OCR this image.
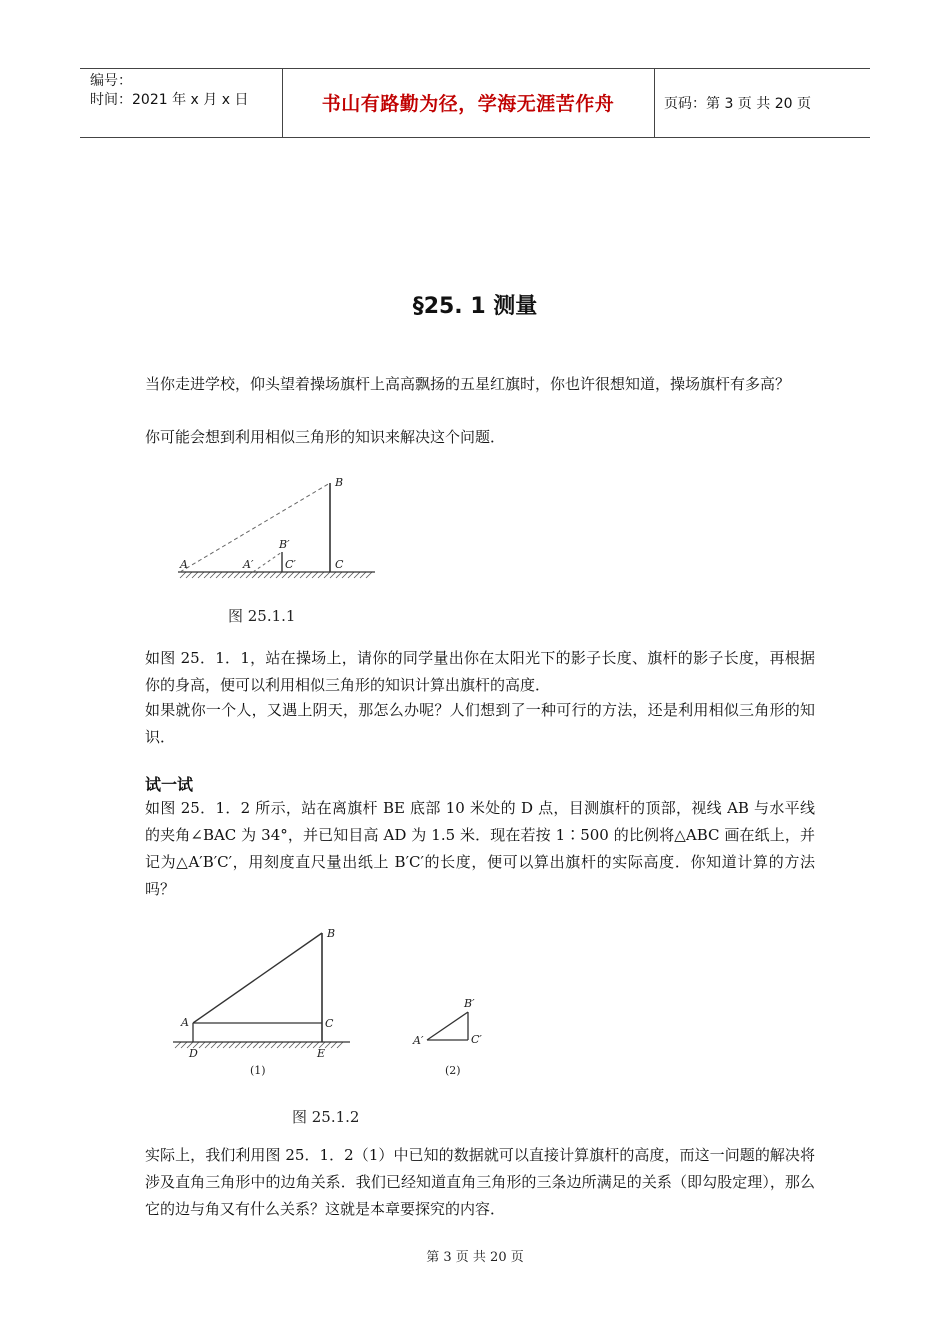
编号：
时间：2021 年 x 月 x 日	书山有路勤为径，学海无涯苦作舟	页码：第 3 页 共 20 页
§25. 1 测量
当你走进学校，仰头望着操场旗杆上高高飘扬的五星红旗时，你也许很想知道，操场旗杆有多高？
你可能会想到利用相似三角形的知识来解决这个问题．
B
B′
C
C′
A	A′
图 25.1.1
如图 25．1．1，站在操场上，请你的同学量出你在太阳光下的影子长度、旗杆的影子长度，再根据你的身高，便可以利用相似三角形的知识计算出旗杆的高度．
如果就你一个人，又遇上阴天，那怎么办呢？人们想到了一种可行的方法，还是利用相似三角形的知识．
试一试
如图 25．1．2 所示，站在离旗杆 BE 底部 10 米处的 D 点，目测旗杆的顶部，视线 AB 与水平线的夹角∠BAC 为 34°，并已知目高 AD 为 1.5 米．现在若按 1∶500 的比例将△ABC 画在纸上，并记为△A′B′C′，用刻度直尺量出纸上 B′C′的长度，便可以算出旗杆的实际高度．你知道计算的方法吗？
B
C
A
D	E
(1)
B′
C′
A′
(2)
图 25.1.2
实际上，我们利用图 25．1．2（1）中已知的数据就可以直接计算旗杆的高度，而这一问题的解决将涉及直角三角形中的边角关系．我们已经知道直角三角形的三条边所满足的关系（即勾股定理），那么它的边与角又有什么关系？这就是本章要探究的内容．
第 3 页 共 20 页
